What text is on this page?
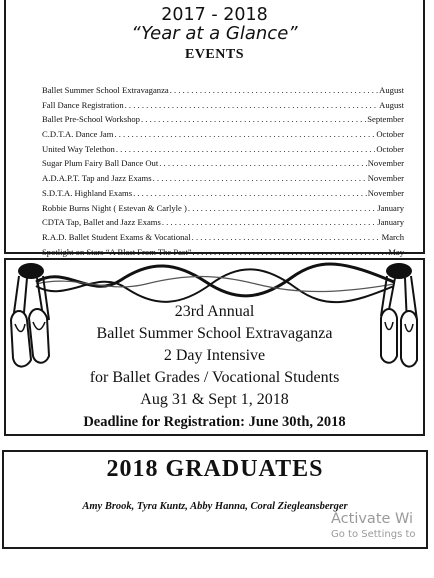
2017 - 2018
“Year at a Glance”
EVENTS
Ballet Summer School Extravaganza . . .	August
Fall Dance Registration . . .	August
Ballet Pre-School Workshop . . .	September
C.D.T.A. Dance Jam . . .	October
United Way Telethon . . .	October
Sugar Plum Fairy Ball Dance Out . . .	November
A.D.A.P.T. Tap and Jazz Exams . . .	November
S.D.T.A. Highland Exams . . .	November
Robbie Burns Night ( Estevan & Carlyle ) . . .	January
CDTA Tap, Ballet and Jazz Exams . . .	January
R.A.D. Ballet Student Exams & Vocational . . .	March
Spotlight on Stars “A Blast From The Past” . . .	May
23rd Annual
Ballet Summer School Extravaganza
2 Day Intensive
for Ballet Grades / Vocational Students
Aug 31 & Sept 1, 2018
Deadline for Registration: June 30th, 2018
2018 GRADUATES
Amy Brook, Tyra Kuntz, Abby Hanna, Coral Ziegleansberger
Activate Wi
Go to Settings to
